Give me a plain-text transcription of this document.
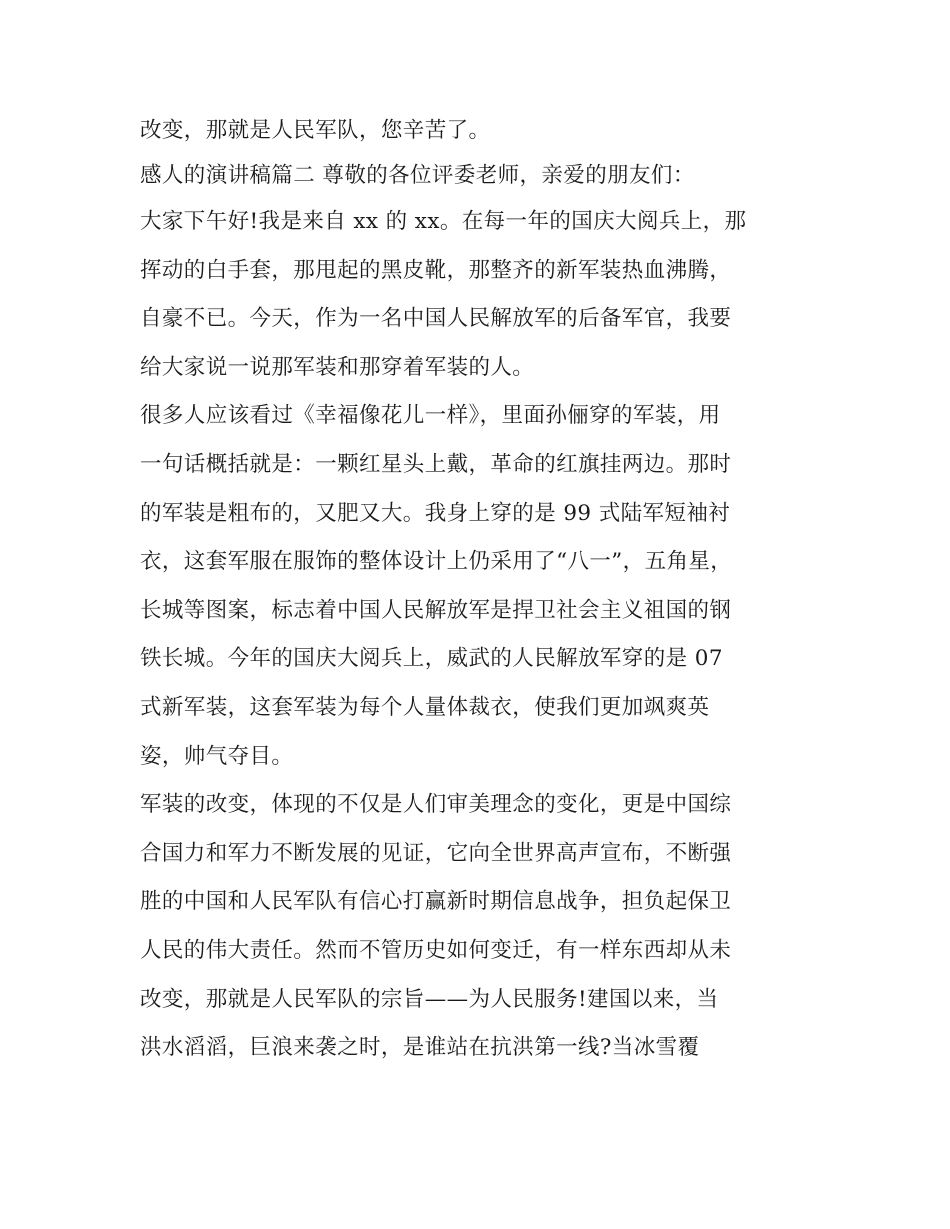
改变，那就是人民军队，您辛苦了。
感人的演讲稿篇二 尊敬的各位评委老师，亲爱的朋友们：
大家下午好!我是来自 xx 的 xx。在每一年的国庆大阅兵上，那
挥动的白手套，那甩起的黑皮靴，那整齐的新军装热血沸腾，
自豪不已。今天，作为一名中国人民解放军的后备军官，我要
给大家说一说那军装和那穿着军装的人。
很多人应该看过《幸福像花儿一样》，里面孙俪穿的军装，用
一句话概括就是：一颗红星头上戴，革命的红旗挂两边。那时
的军装是粗布的，又肥又大。我身上穿的是 99 式陆军短袖衬
衣，这套军服在服饰的整体设计上仍采用了“八一”，五角星，
长城等图案，标志着中国人民解放军是捍卫社会主义祖国的钢
铁长城。今年的国庆大阅兵上，威武的人民解放军穿的是 07
式新军装，这套军装为每个人量体裁衣，使我们更加飒爽英
姿，帅气夺目。
军装的改变，体现的不仅是人们审美理念的变化，更是中国综
合国力和军力不断发展的见证，它向全世界高声宣布，不断强
胜的中国和人民军队有信心打赢新时期信息战争，担负起保卫
人民的伟大责任。然而不管历史如何变迁，有一样东西却从未
改变，那就是人民军队的宗旨——为人民服务!建国以来，当
洪水滔滔，巨浪来袭之时，是谁站在抗洪第一线?当冰雪覆
